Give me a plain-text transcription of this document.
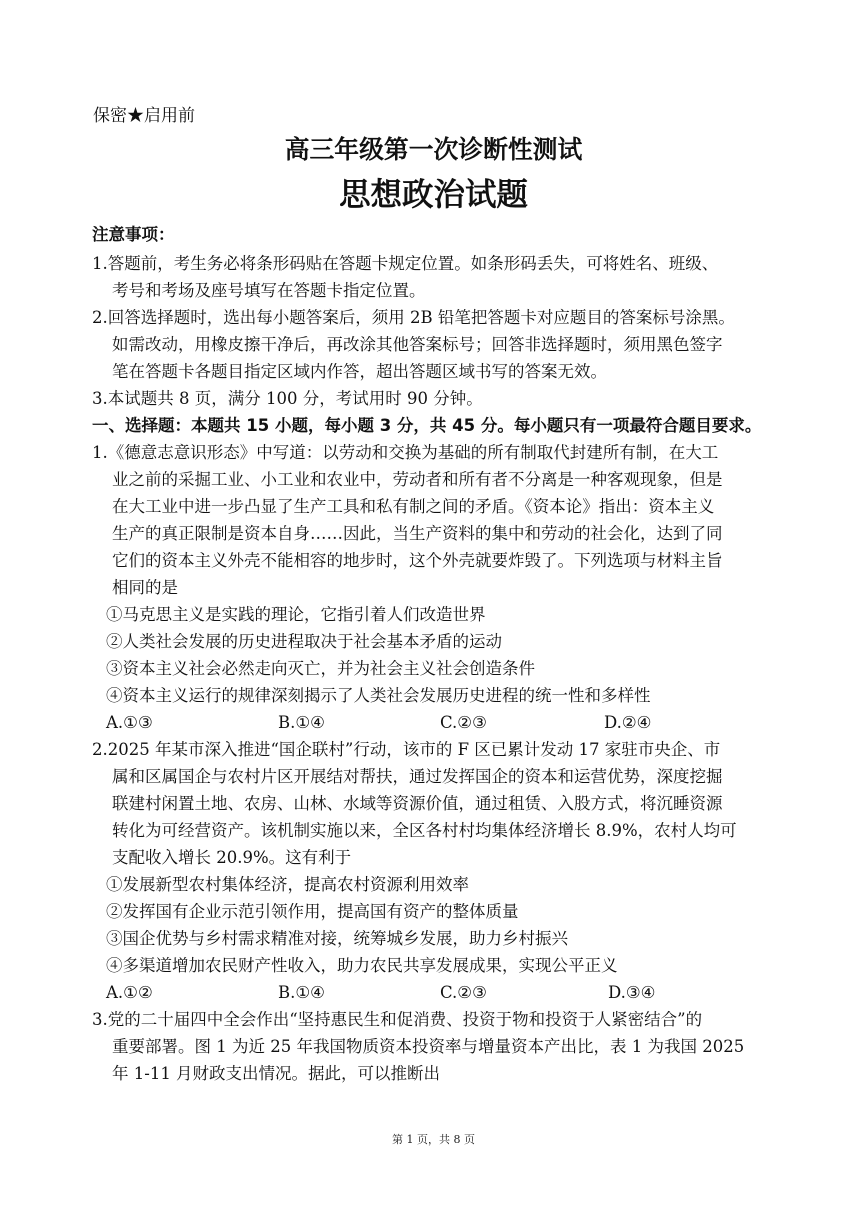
保密★启用前
高三年级第一次诊断性测试
思想政治试题
注意事项：
1.答题前，考生务必将条形码贴在答题卡规定位置。如条形码丢失，可将姓名、班级、
考号和考场及座号填写在答题卡指定位置。
2.回答选择题时，选出每小题答案后，须用 2B 铅笔把答题卡对应题目的答案标号涂黑。
如需改动，用橡皮擦干净后，再改涂其他答案标号；回答非选择题时，须用黑色签字
笔在答题卡各题目指定区域内作答，超出答题区域书写的答案无效。
3.本试题共 8 页，满分 100 分，考试用时 90 分钟。
一、选择题：本题共 15 小题，每小题 3 分，共 45 分。每小题只有一项最符合题目要求。
1.《德意志意识形态》中写道：以劳动和交换为基础的所有制取代封建所有制，在大工
业之前的采掘工业、小工业和农业中，劳动者和所有者不分离是一种客观现象，但是
在大工业中进一步凸显了生产工具和私有制之间的矛盾。《资本论》指出：资本主义
生产的真正限制是资本自身……因此，当生产资料的集中和劳动的社会化，达到了同
它们的资本主义外壳不能相容的地步时，这个外壳就要炸毁了。下列选项与材料主旨
相同的是
①马克思主义是实践的理论，它指引着人们改造世界
②人类社会发展的历史进程取决于社会基本矛盾的运动
③资本主义社会必然走向灭亡，并为社会主义社会创造条件
④资本主义运行的规律深刻揭示了人类社会发展历史进程的统一性和多样性
A.①③	B.①④	C.②③	D.②④
2.2025 年某市深入推进“国企联村”行动，该市的 F 区已累计发动 17 家驻市央企、市
属和区属国企与农村片区开展结对帮扶，通过发挥国企的资本和运营优势，深度挖掘
联建村闲置土地、农房、山林、水域等资源价值，通过租赁、入股方式，将沉睡资源
转化为可经营资产。该机制实施以来，全区各村村均集体经济增长 8.9%，农村人均可
支配收入增长 20.9%。这有利于
①发展新型农村集体经济，提高农村资源利用效率
②发挥国有企业示范引领作用，提高国有资产的整体质量
③国企优势与乡村需求精准对接，统筹城乡发展，助力乡村振兴
④多渠道增加农民财产性收入，助力农民共享发展成果，实现公平正义
A.①②	B.①④	C.②③	D.③④
3.党的二十届四中全会作出“坚持惠民生和促消费、投资于物和投资于人紧密结合”的
重要部署。图 1 为近 25 年我国物质资本投资率与增量资本产出比，表 1 为我国 2025
年 1-11 月财政支出情况。据此，可以推断出
第 1 页，共 8 页
